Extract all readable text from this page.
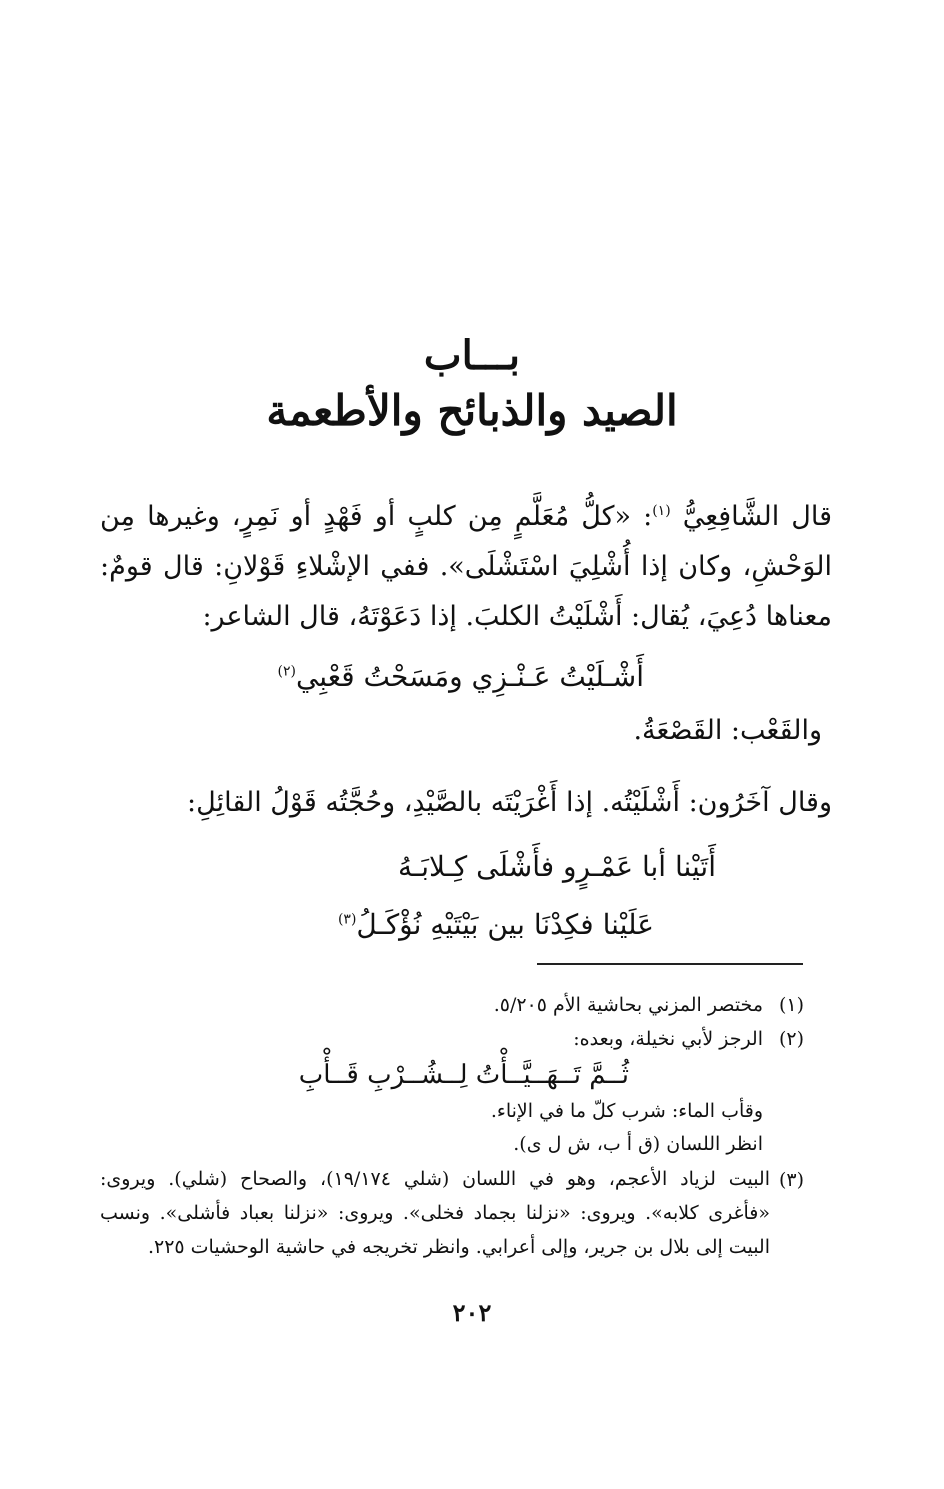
بـــاب
الصيد والذبائح والأطعمة
قال الشَّافِعِيُّ $^{(١)}$: «كلُّ مُعَلَّمٍ مِن كلبٍ أو فَهْدٍ أو نَمِرٍ، وغيرها مِن
الوَحْشِ، وكان إذا أُشْلِيَ اسْتَشْلَى». ففي الإشْلاءِ قَوْلانِ: قال قومٌ:
معناها دُعِيَ، يُقال: أَشْلَيْتُ الكلبَ. إذا دَعَوْتَهُ، قال الشاعر:
أَشْـلَيْتُ عَـنْـزِي ومَسَحْتُ قَعْبِي$^{(٢)}$
والقَعْب: القَصْعَةُ.
وقال آخَرُون: أَشْلَيْتُه. إذا أَغْرَيْتَه بالصَّيْدِ، وحُجَّتُه قَوْلُ القائِلِ:
أَتَيْنا أبا عَمْـرٍو فأَشْلَى كِـلابَـهُ
عَلَيْنا فكِدْنَا بين بَيْتَيْهِ نُؤْكَـلُ$^{(٣)}$
(١)
مختصر المزني بحاشية الأم ٥/٢٠٥.
(٢)
الرجز لأبي نخيلة، وبعده:
ثُــمَّ تَــهَــيَّــأْتُ لِــشُــرْبِ قَــأْبِ
وقأب الماء: شرب كلّ ما في الإناء.
انظر اللسان (ق أ ب، ش ل ى).
(٣)
البيت لزياد الأعجم، وهو في اللسان (شلي ١٩/١٧٤)، والصحاح (شلي). ويروى:
«فأغرى كلابه». ويروى: «نزلنا بجماد فخلى». ويروى: «نزلنا بعباد فأشلى». ونسب
البيت إلى بلال بن جرير، وإلى أعرابي. وانظر تخريجه في حاشية الوحشيات ٢٢٥.
٢٠٢
